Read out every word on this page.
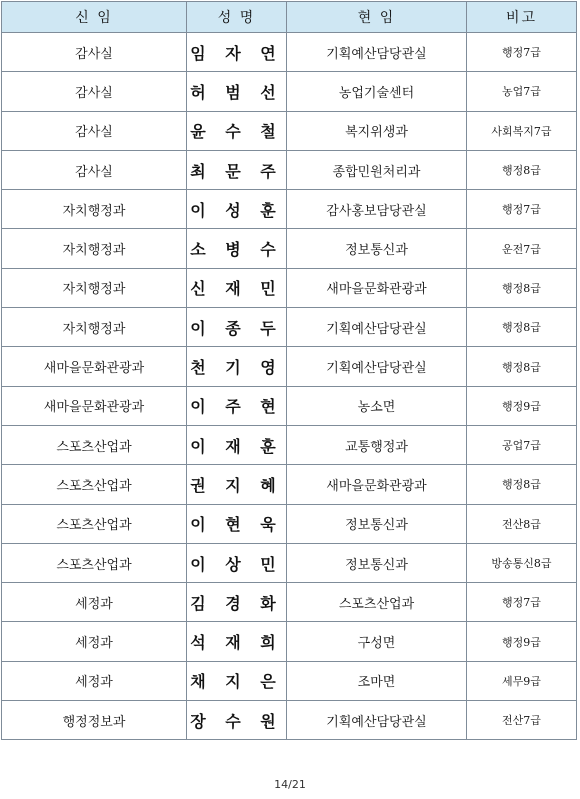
신 임	성 명	현 임	비고
감사실	임 자 연	기획예산담당관실	행정7급
감사실	허 범 선	농업기술센터	농업7급
감사실	윤 수 철	복지위생과	사회복지7급
감사실	최 문 주	종합민원처리과	행정8급
자치행정과	이 성 훈	감사홍보담당관실	행정7급
자치행정과	소 병 수	정보통신과	운전7급
자치행정과	신 재 민	새마을문화관광과	행정8급
자치행정과	이 종 두	기획예산담당관실	행정8급
새마을문화관광과	천 기 영	기획예산담당관실	행정8급
새마을문화관광과	이 주 현	농소면	행정9급
스포츠산업과	이 재 훈	교통행정과	공업7급
스포츠산업과	권 지 혜	새마을문화관광과	행정8급
스포츠산업과	이 현 욱	정보통신과	전산8급
스포츠산업과	이 상 민	정보통신과	방송통신8급
세정과	김 경 화	스포츠산업과	행정7급
세정과	석 재 희	구성면	행정9급
세정과	채 지 은	조마면	세무9급
행정정보과	장 수 원	기획예산담당관실	전산7급
14/21
